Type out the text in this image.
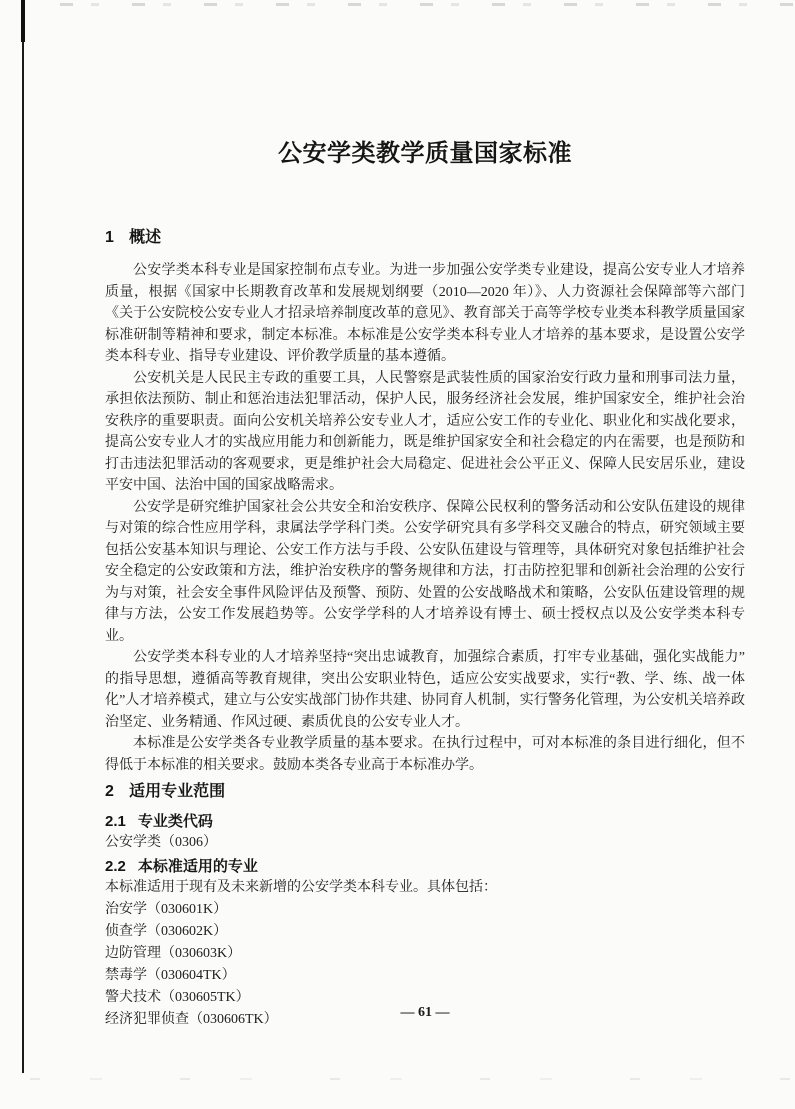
公安学类教学质量国家标准
1 概述

公安学类本科专业是国家控制布点专业。为进一步加强公安学类专业建设，提高公安专业人才培养质量，根据《国家中长期教育改革和发展规划纲要（2010—2020 年）》、人力资源社会保障部等六部门《关于公安院校公安专业人才招录培养制度改革的意见》、教育部关于高等学校专业类本科教学质量国家标准研制等精神和要求，制定本标准。本标准是公安学类本科专业人才培养的基本要求，是设置公安学类本科专业、指导专业建设、评价教学质量的基本遵循。

公安机关是人民民主专政的重要工具，人民警察是武装性质的国家治安行政力量和刑事司法力量，承担依法预防、制止和惩治违法犯罪活动，保护人民，服务经济社会发展，维护国家安全，维护社会治安秩序的重要职责。面向公安机关培养公安专业人才，适应公安工作的专业化、职业化和实战化要求，提高公安专业人才的实战应用能力和创新能力，既是维护国家安全和社会稳定的内在需要，也是预防和打击违法犯罪活动的客观要求，更是维护社会大局稳定、促进社会公平正义、保障人民安居乐业，建设平安中国、法治中国的国家战略需求。

公安学是研究维护国家社会公共安全和治安秩序、保障公民权利的警务活动和公安队伍建设的规律与对策的综合性应用学科，隶属法学学科门类。公安学研究具有多学科交叉融合的特点，研究领域主要包括公安基本知识与理论、公安工作方法与手段、公安队伍建设与管理等，具体研究对象包括维护社会安全稳定的公安政策和方法，维护治安秩序的警务规律和方法，打击防控犯罪和创新社会治理的公安行为与对策，社会安全事件风险评估及预警、预防、处置的公安战略战术和策略，公安队伍建设管理的规律与方法，公安工作发展趋势等。公安学学科的人才培养设有博士、硕士授权点以及公安学类本科专业。

公安学类本科专业的人才培养坚持“突出忠诚教育，加强综合素质，打牢专业基础，强化实战能力”的指导思想，遵循高等教育规律，突出公安职业特色，适应公安实战要求，实行“教、学、练、战一体化”人才培养模式，建立与公安实战部门协作共建、协同育人机制，实行警务化管理，为公安机关培养政治坚定、业务精通、作风过硬、素质优良的公安专业人才。

本标准是公安学类各专业教学质量的基本要求。在执行过程中，可对本标准的条目进行细化，但不得低于本标准的相关要求。鼓励本类各专业高于本标准办学。

2 适用专业范围
2.1 专业类代码

公安学类（0306）

2.2 本标准适用的专业

本标准适用于现有及未来新增的公安学类本科专业。具体包括：

治安学（030601K）
侦查学（030602K）
边防管理（030603K）
禁毒学（030604TK）
警犬技术（030605TK）
经济犯罪侦查（030606TK）	— 61 —
